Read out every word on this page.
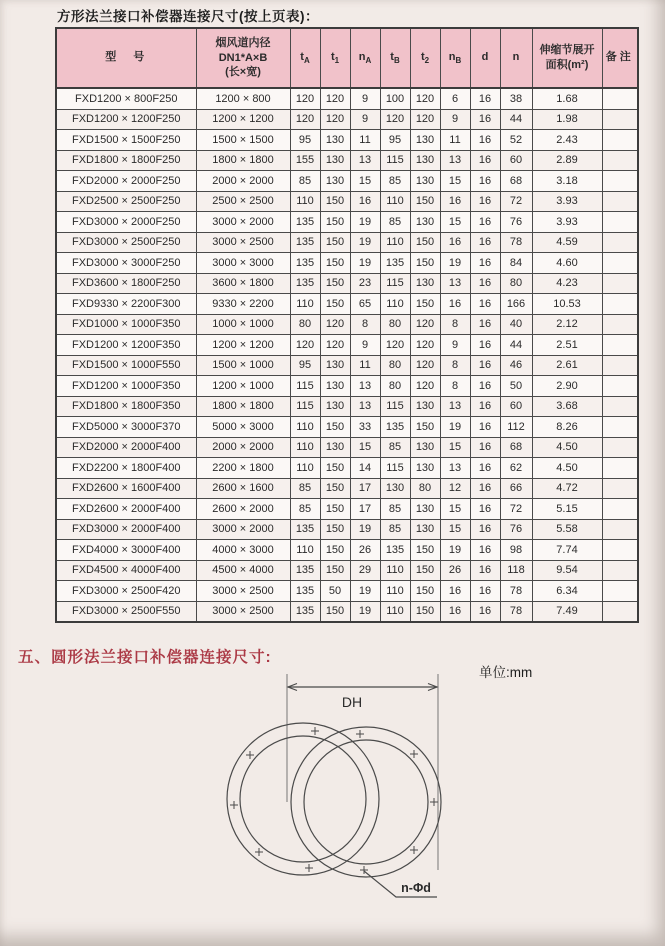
方形法兰接口补偿器连接尺寸(按上页表)：
型　号	烟风道内径
DN1*A×B
(长×宽)	$t_A$	$t_1$	$n_A$	$t_B$	$t_2$	$n_B$	d	n	伸缩节展开
面积(m²)	备注
FXD1200 × 800F250	1200 × 800	120	120	9	100	120	6	16	38	1.68	
FXD1200 × 1200F250	1200 × 1200	120	120	9	120	120	9	16	44	1.98	
FXD1500 × 1500F250	1500 × 1500	95	130	11	95	130	11	16	52	2.43	
FXD1800 × 1800F250	1800 × 1800	155	130	13	115	130	13	16	60	2.89	
FXD2000 × 2000F250	2000 × 2000	85	130	15	85	130	15	16	68	3.18	
FXD2500 × 2500F250	2500 × 2500	110	150	16	110	150	16	16	72	3.93	
FXD3000 × 2000F250	3000 × 2000	135	150	19	85	130	15	16	76	3.93	
FXD3000 × 2500F250	3000 × 2500	135	150	19	110	150	16	16	78	4.59	
FXD3000 × 3000F250	3000 × 3000	135	150	19	135	150	19	16	84	4.60	
FXD3600 × 1800F250	3600 × 1800	135	150	23	115	130	13	16	80	4.23	
FXD9330 × 2200F300	9330 × 2200	110	150	65	110	150	16	16	166	10.53	
FXD1000 × 1000F350	1000 × 1000	80	120	8	80	120	8	16	40	2.12	
FXD1200 × 1200F350	1200 × 1200	120	120	9	120	120	9	16	44	2.51	
FXD1500 × 1000F550	1500 × 1000	95	130	11	80	120	8	16	46	2.61	
FXD1200 × 1000F350	1200 × 1000	115	130	13	80	120	8	16	50	2.90	
FXD1800 × 1800F350	1800 × 1800	115	130	13	115	130	13	16	60	3.68	
FXD5000 × 3000F370	5000 × 3000	110	150	33	135	150	19	16	112	8.26	
FXD2000 × 2000F400	2000 × 2000	110	130	15	85	130	15	16	68	4.50	
FXD2200 × 1800F400	2200 × 1800	110	150	14	115	130	13	16	62	4.50	
FXD2600 × 1600F400	2600 × 1600	85	150	17	130	80	12	16	66	4.72	
FXD2600 × 2000F400	2600 × 2000	85	150	17	85	130	15	16	72	5.15	
FXD3000 × 2000F400	3000 × 2000	135	150	19	85	130	15	16	76	5.58	
FXD4000 × 3000F400	4000 × 3000	110	150	26	135	150	19	16	98	7.74	
FXD4500 × 4000F400	4500 × 4000	135	150	29	110	150	26	16	118	9.54	
FXD3000 × 2500F420	3000 × 2500	135	50	19	110	150	16	16	78	6.34	
FXD3000 × 2500F550	3000 × 2500	135	150	19	110	150	16	16	78	7.49	
五、圆形法兰接口补偿器连接尺寸:
单位:mm
DH
n-Φd
